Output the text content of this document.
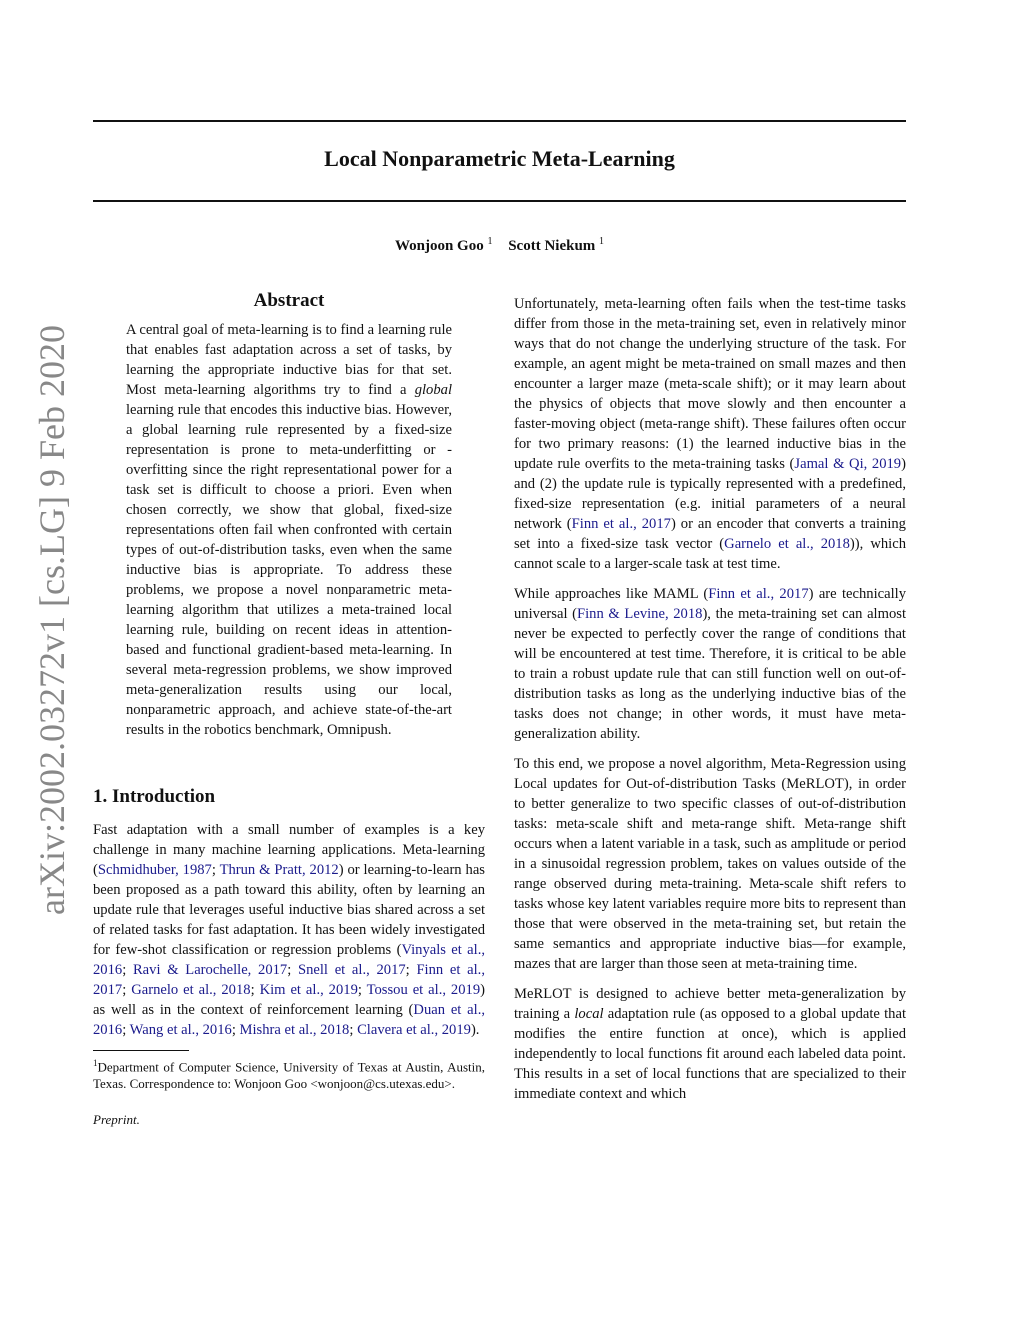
arXiv:2002.03272v1 [cs.LG] 9 Feb 2020
Local Nonparametric Meta-Learning
Wonjoon Goo $^1$ Scott Niekum $^1$
Abstract

A central goal of meta-learning is to find a learning rule that enables fast adaptation across a set of tasks, by learning the appropriate inductive bias for that set. Most meta-learning algorithms try to find a global learning rule that encodes this inductive bias. However, a global learning rule represented by a fixed-size representation is prone to meta-underfitting or -overfitting since the right representational power for a task set is difficult to choose a priori. Even when chosen correctly, we show that global, fixed-size representations often fail when confronted with certain types of out-of-distribution tasks, even when the same inductive bias is appropriate. To address these problems, we propose a novel nonparametric meta-learning algorithm that utilizes a meta-trained local learning rule, building on recent ideas in attention-based and functional gradient-based meta-learning. In several meta-regression problems, we show improved meta-generalization results using our local, nonparametric approach, and achieve state-of-the-art results in the robotics benchmark, Omnipush.

1. Introduction

Fast adaptation with a small number of examples is a key challenge in many machine learning applications. Meta-learning (Schmidhuber, 1987; Thrun & Pratt, 2012) or learning-to-learn has been proposed as a path toward this ability, often by learning an update rule that leverages useful inductive bias shared across a set of related tasks for fast adaptation. It has been widely investigated for few-shot classification or regression problems (Vinyals et al., 2016; Ravi & Larochelle, 2017; Snell et al., 2017; Finn et al., 2017; Garnelo et al., 2018; Kim et al., 2019; Tossou et al., 2019) as well as in the context of reinforcement learning (Duan et al., 2016; Wang et al., 2016; Mishra et al., 2018; Clavera et al., 2019).

$^1$Department of Computer Science, University of Texas at Austin, Austin, Texas. Correspondence to: Wonjoon Goo <wonjoon@cs.utexas.edu>.

Preprint.

Unfortunately, meta-learning often fails when the test-time tasks differ from those in the meta-training set, even in relatively minor ways that do not change the underlying structure of the task. For example, an agent might be meta-trained on small mazes and then encounter a larger maze (meta-scale shift); or it may learn about the physics of objects that move slowly and then encounter a faster-moving object (meta-range shift). These failures often occur for two primary reasons: (1) the learned inductive bias in the update rule overfits to the meta-training tasks (Jamal & Qi, 2019) and (2) the update rule is typically represented with a predefined, fixed-size representation (e.g. initial parameters of a neural network (Finn et al., 2017) or an encoder that converts a training set into a fixed-size task vector (Garnelo et al., 2018)), which cannot scale to a larger-scale task at test time.

While approaches like MAML (Finn et al., 2017) are technically universal (Finn & Levine, 2018), the meta-training set can almost never be expected to perfectly cover the range of conditions that will be encountered at test time. Therefore, it is critical to be able to train a robust update rule that can still function well on out-of-distribution tasks as long as the underlying inductive bias of the tasks does not change; in other words, it must have meta-generalization ability.

To this end, we propose a novel algorithm, Meta-Regression using Local updates for Out-of-distribution Tasks (MeRLOT), in order to better generalize to two specific classes of out-of-distribution tasks: meta-scale shift and meta-range shift. Meta-range shift occurs when a latent variable in a task, such as amplitude or period in a sinusoidal regression problem, takes on values outside of the range observed during meta-training. Meta-scale shift refers to tasks whose key latent variables require more bits to represent than those that were observed in the meta-training set, but retain the same semantics and appropriate inductive bias—for example, mazes that are larger than those seen at meta-training time.

MeRLOT is designed to achieve better meta-generalization by training a local adaptation rule (as opposed to a global update that modifies the entire function at once), which is applied independently to local functions fit around each labeled data point. This results in a set of local functions that are specialized to their immediate context and which
